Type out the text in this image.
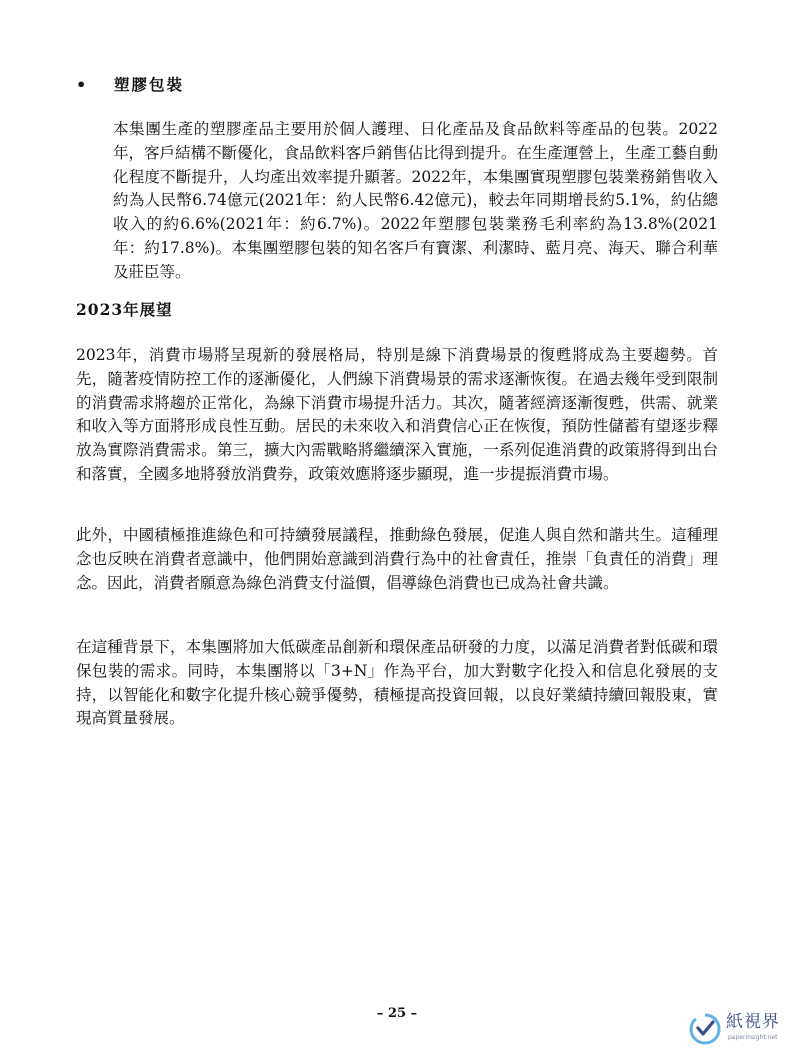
• 塑膠包裝

本集團生產的塑膠產品主要用於個人護理、日化產品及食品飲料等產品的包裝。2022年，客戶結構不斷優化，食品飲料客戶銷售佔比得到提升。在生產運營上，生產工藝自動化程度不斷提升，人均產出效率提升顯著。2022年，本集團實現塑膠包裝業務銷售收入約為人民幣6.74億元(2021年：約人民幣6.42億元)，較去年同期增長約5.1%，約佔總收入的約6.6%(2021年：約6.7%)。2022年塑膠包裝業務毛利率約為13.8%(2021年：約17.8%)。本集團塑膠包裝的知名客戶有寶潔、利潔時、藍月亮、海天、聯合利華及莊臣等。

2023年展望

2023年，消費市場將呈現新的發展格局，特別是線下消費場景的復甦將成為主要趨勢。首先，隨著疫情防控工作的逐漸優化，人們線下消費場景的需求逐漸恢復。在過去幾年受到限制的消費需求將趨於正常化，為線下消費市場提升活力。其次，隨著經濟逐漸復甦，供需、就業和收入等方面將形成良性互動。居民的未來收入和消費信心正在恢復，預防性儲蓄有望逐步釋放為實際消費需求。第三，擴大內需戰略將繼續深入實施，一系列促進消費的政策將得到出台和落實，全國多地將發放消費券，政策效應將逐步顯現，進一步提振消費市場。

此外，中國積極推進綠色和可持續發展議程，推動綠色發展，促進人與自然和諧共生。這種理念也反映在消費者意識中，他們開始意識到消費行為中的社會責任，推崇「負責任的消費」理念。因此，消費者願意為綠色消費支付溢價，倡導綠色消費也已成為社會共識。

在這種背景下，本集團將加大低碳產品創新和環保產品研發的力度，以滿足消費者對低碳和環保包裝的需求。同時，本集團將以「3+N」作為平台，加大對數字化投入和信息化發展的支持，以智能化和數字化提升核心競爭優勢，積極提高投資回報，以良好業績持續回報股東，實現高質量發展。

– 25 –	紙視界
paperinsight.net
